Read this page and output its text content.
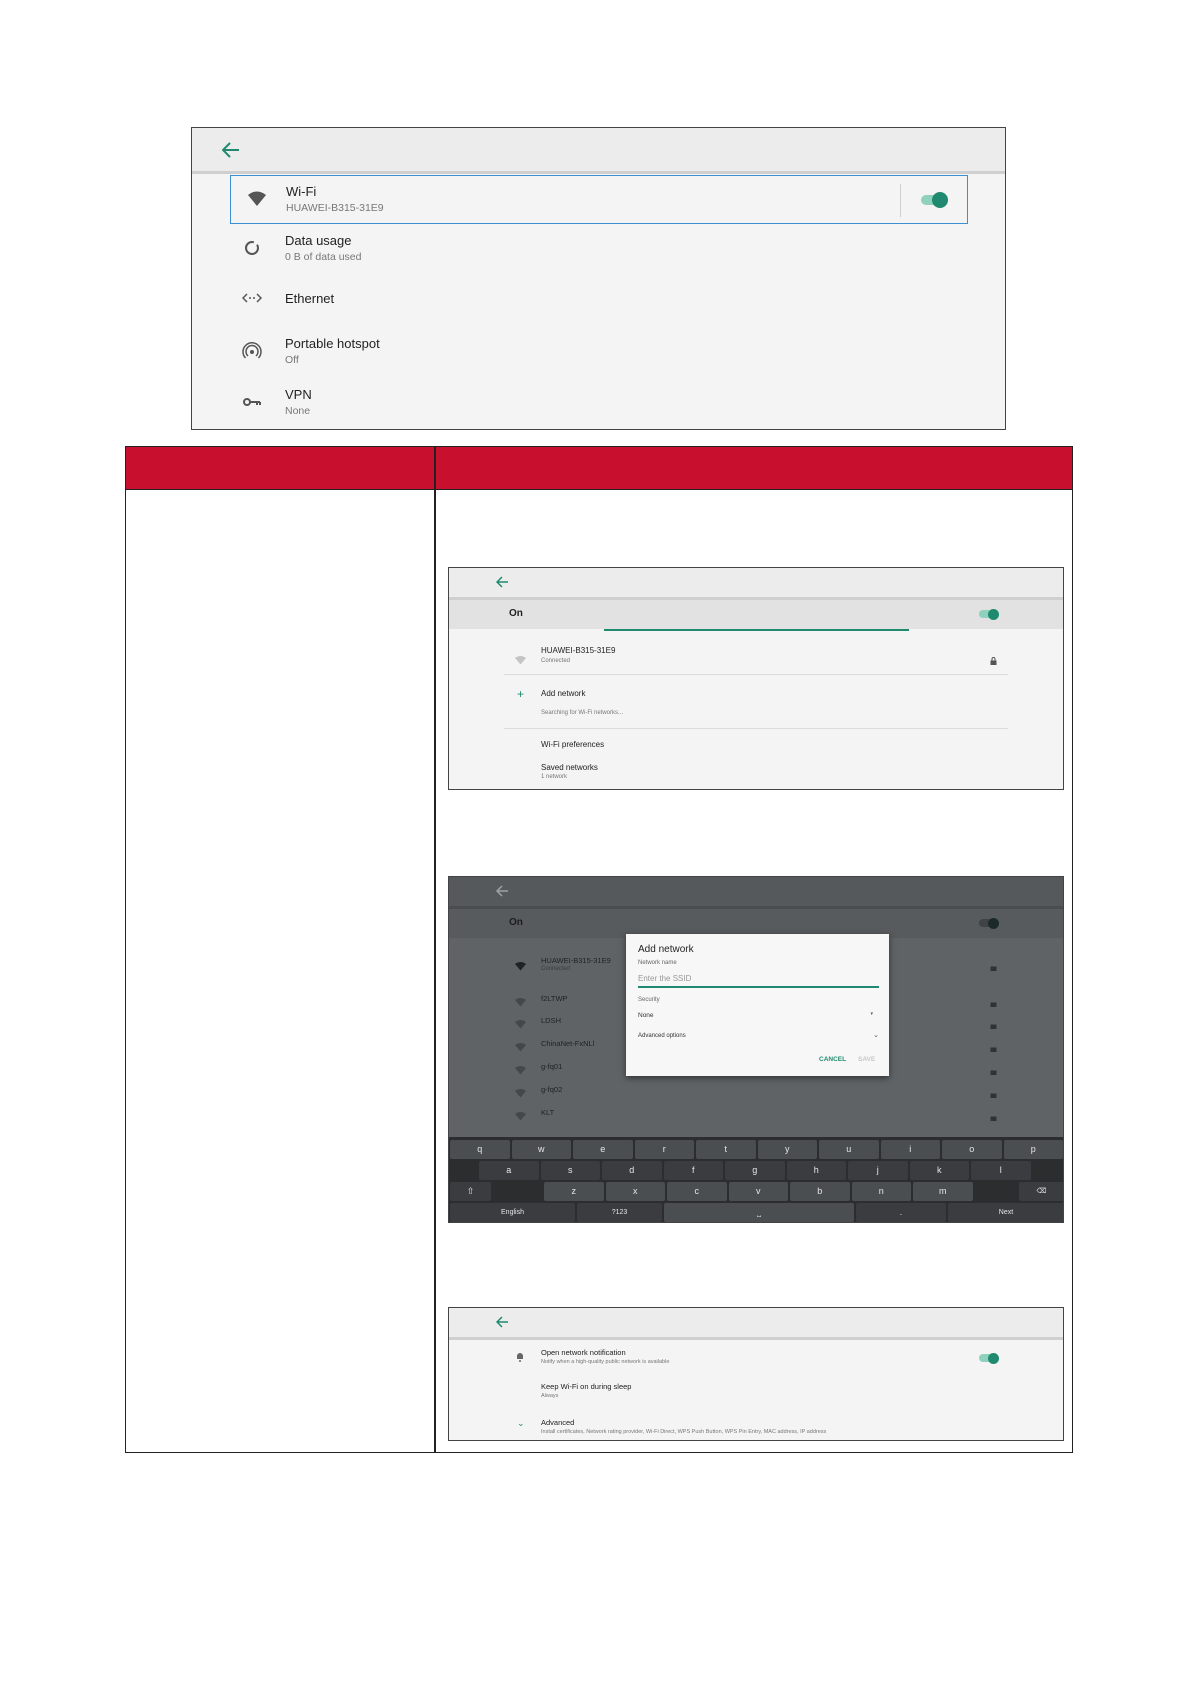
Wi-Fi
HUAWEI-B315-31E9
Data usage
0 B of data used
Ethernet
Portable hotspot
Off
VPN
None
On
HUAWEI-B315-31E9
Connected
+ Add network
Searching for Wi-Fi networks...
Wi-Fi preferences
Saved networks
1 network
On
HUAWEI-B315-31E9
Connected
f2LTWP
LDSH
ChinaNet-FxNLl
g-fq01
g-fq02
KLT
Add network
Network name
Enter the SSID
Security
None	▾
Advanced options	⌄
CANCEL SAVE
q	w	e	r	t	y	u	i	o	p
a	s	d	f	g	h	j	k	l
z	x	c	v	b	n	m
⇧	⌫
English	?123	⎵	.	Next
Open network notification
Notify when a high-quality public network is available
Keep Wi-Fi on during sleep
Always
⌄ Advanced
Install certificates, Network rating provider, Wi-Fi Direct, WPS Push Button, WPS Pin Entry, MAC address, IP address
